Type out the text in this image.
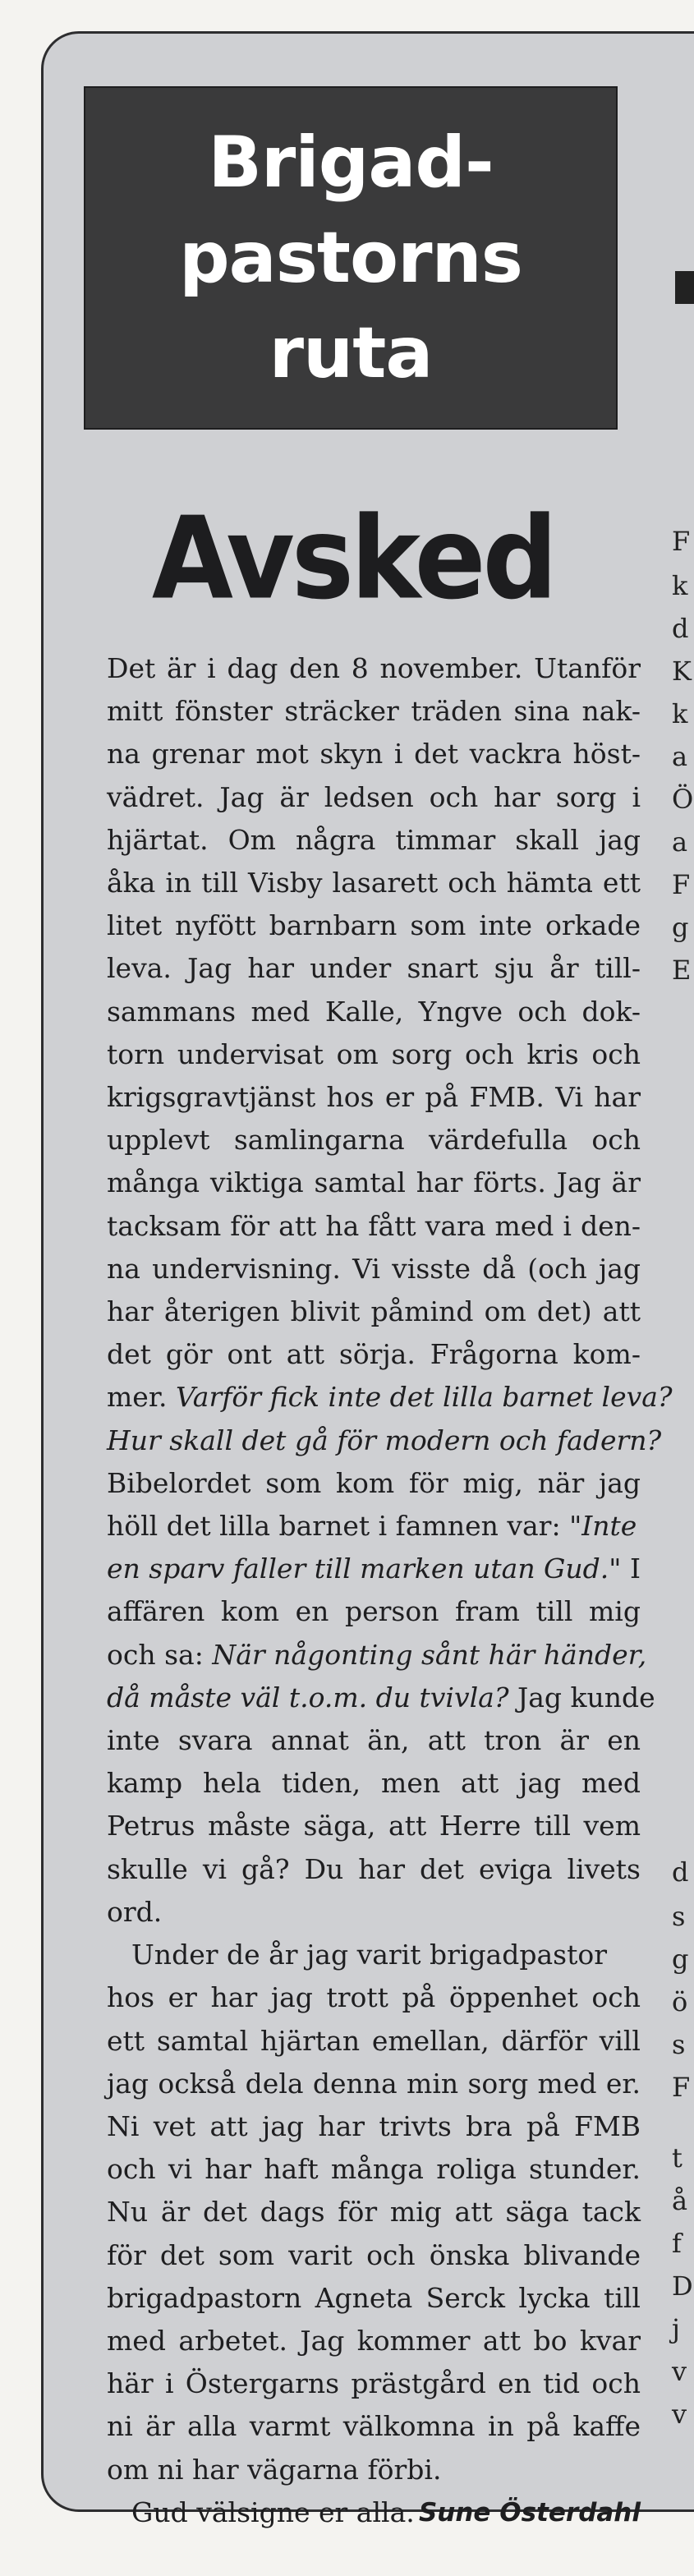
Brigad-
pastorns
ruta
Avsked
Det är i dag den 8 november. Utanför
mitt fönster sträcker träden sina nak-
na grenar mot skyn i det vackra höst-
vädret. Jag är ledsen och har sorg i
hjärtat. Om några timmar skall jag
åka in till Visby lasarett och hämta ett
litet nyfött barnbarn som inte orkade
leva. Jag har under snart sju år till-
sammans med Kalle, Yngve och dok-
torn undervisat om sorg och kris och
krigsgravtjänst hos er på FMB. Vi har
upplevt samlingarna värdefulla och
många viktiga samtal har förts. Jag är
tacksam för att ha fått vara med i den-
na undervisning. Vi visste då (och jag
har återigen blivit påmind om det) att
det gör ont att sörja. Frågorna kom-
mer. Varför fick inte det lilla barnet leva?
Hur skall det gå för modern och fadern?
Bibelordet som kom för mig, när jag
höll det lilla barnet i famnen var: "Inte
en sparv faller till marken utan Gud." I
affären kom en person fram till mig
och sa: När någonting sånt här händer,
då måste väl t.o.m. du tvivla? Jag kunde
inte svara annat än, att tron är en
kamp hela tiden, men att jag med
Petrus måste säga, att Herre till vem
skulle vi gå? Du har det eviga livets
ord.
Under de år jag varit brigadpastor
hos er har jag trott på öppenhet och
ett samtal hjärtan emellan, därför vill
jag också dela denna min sorg med er.
Ni vet att jag har trivts bra på FMB
och vi har haft många roliga stunder.
Nu är det dags för mig att säga tack
för det som varit och önska blivande
brigadpastorn Agneta Serck lycka till
med arbetet. Jag kommer att bo kvar
här i Östergarns prästgård en tid och
ni är alla varmt välkomna in på kaffe
om ni har vägarna förbi.
Gud välsigne er alla. Sune Österdahl
F
k
d
K
k
a
Ö
a
F
g
E
d
s
g
ö
s
F
t
å
f
D
j
v
v
